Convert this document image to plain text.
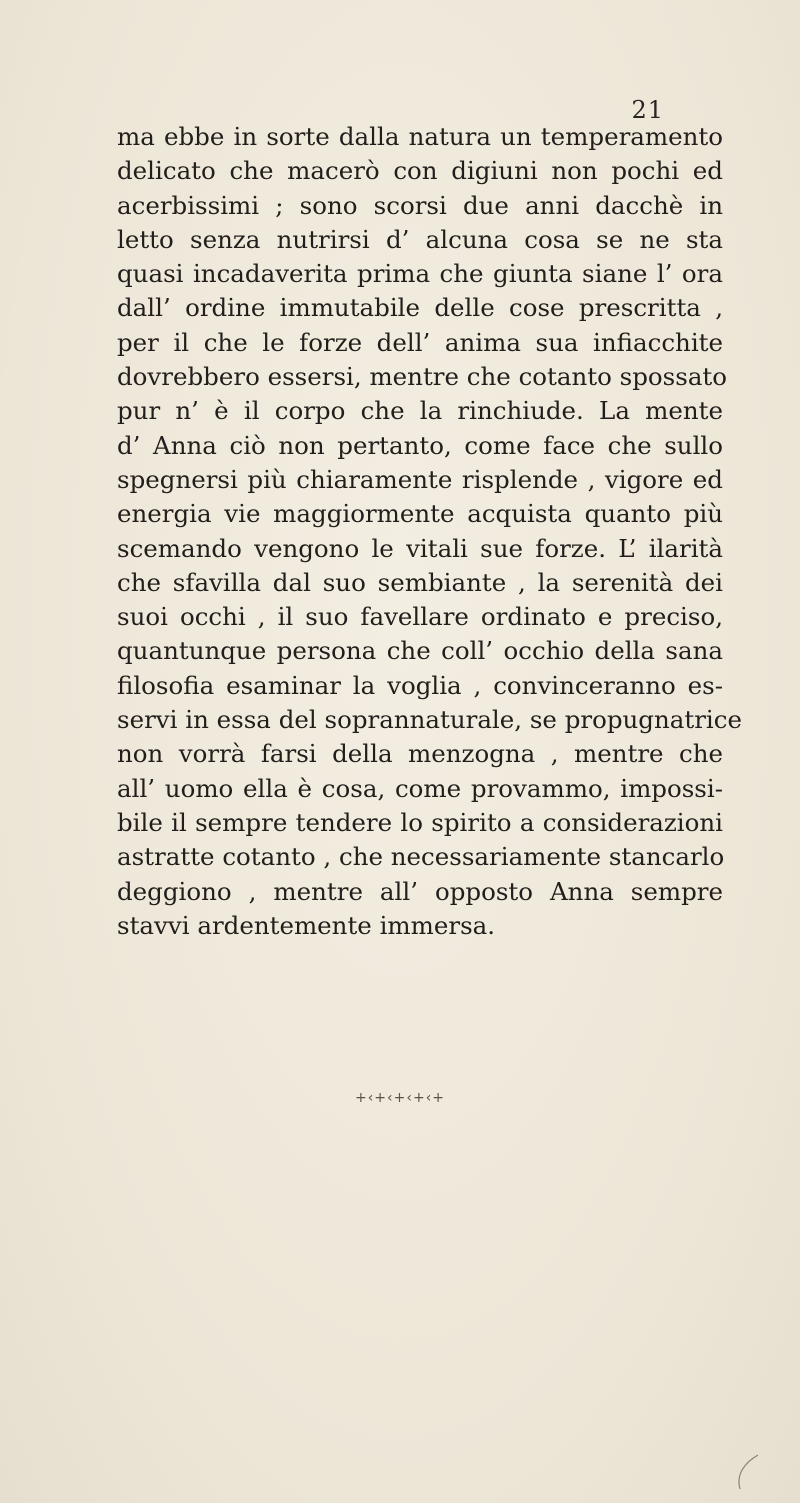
21
ma ebbe in sorte dalla natura un temperamento
delicato che macerò con digiuni non pochi ed
acerbissimi ; sono scorsi due anni dacchè in
letto senza nutrirsi d’ alcuna cosa se ne sta
quasi incadaverita prima che giunta siane l’ ora
dall’ ordine immutabile delle cose prescritta ,
per il che le forze dell’ anima sua infiacchite
dovrebbero essersi, mentre che cotanto spossato
pur n’ è il corpo che la rinchiude. La mente
d’ Anna ciò non pertanto, come face che sullo
spegnersi più chiaramente risplende , vigore ed
energia vie maggiormente acquista quanto più
scemando vengono le vitali sue forze. L’ ilarità
che sfavilla dal suo sembiante , la serenità dei
suoi occhi , il suo favellare ordinato e preciso,
quantunque persona che coll’ occhio della sana
filosofia esaminar la voglia , convinceranno es-
servi in essa del soprannaturale, se propugnatrice
non vorrà farsi della menzogna , mentre che
all’ uomo ella è cosa, come provammo, impossi-
bile il sempre tendere lo spirito a considerazioni
astratte cotanto , che necessariamente stancarlo
deggiono , mentre all’ opposto Anna sempre
stavvi ardentemente immersa.
+‹+‹+‹+‹+
